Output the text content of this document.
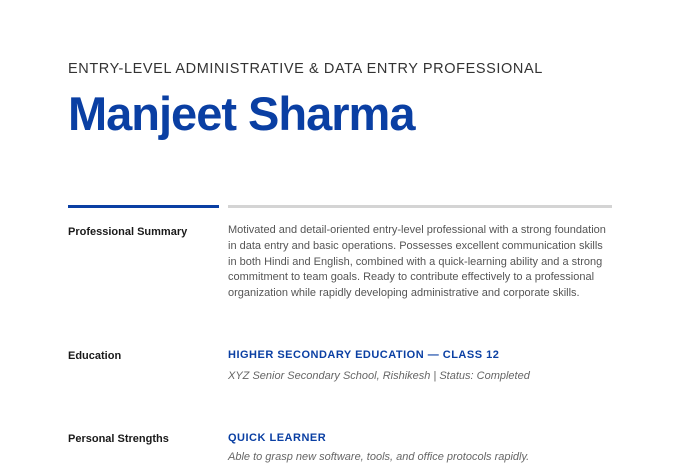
ENTRY-LEVEL ADMINISTRATIVE & DATA ENTRY PROFESSIONAL
Manjeet Sharma
Professional Summary	Motivated and detail-oriented entry-level professional with a strong foundation in data entry and basic operations. Possesses excellent communication skills in both Hindi and English, combined with a quick-learning ability and a strong commitment to team goals. Ready to contribute effectively to a professional organization while rapidly developing administrative and corporate skills.
Education	HIGHER SECONDARY EDUCATION — CLASS 12
XYZ Senior Secondary School, Rishikesh | Status: Completed
Personal Strengths	QUICK LEARNER
Able to grasp new software, tools, and office protocols rapidly.
